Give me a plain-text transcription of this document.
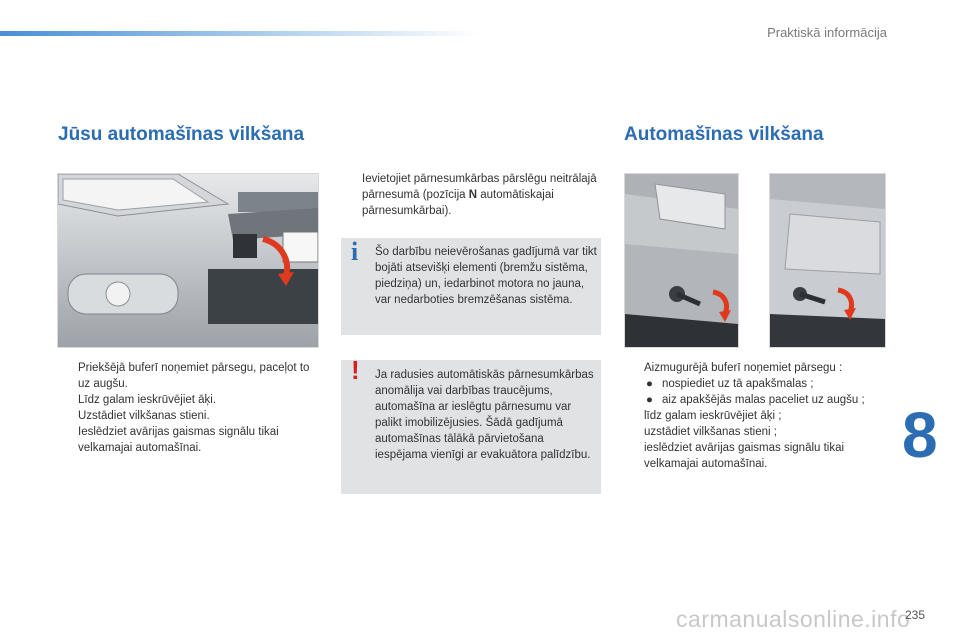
Praktiskā informācija
Jūsu automašīnas vilkšana
Priekšējā buferī noņemiet pārsegu, paceļot to uz augšu.
Līdz galam ieskrūvējiet āķi.
Uzstādiet vilkšanas stieni.
Ieslēdziet avārijas gaismas signālu tikai velkamajai automašīnai.
Ievietojiet pārnesumkārbas pārslēgu neitrālajā pārnesumā (pozīcija N automātiskajai pārnesumkārbai).
i Šo darbību neievērošanas gadījumā var tikt bojāti atsevišķi elementi (bremžu sistēma, piedziņa) un, iedarbinot motora no jauna, var nedarboties bremzēšanas sistēma.
! Ja radusies automātiskās pārnesumkārbas anomālija vai darbības traucējums, automašīna ar ieslēgtu pārnesumu var palikt imobilizējusies. Šādā gadījumā automašīnas tālākā pārvietošana iespējama vienīgi ar evakuātora palīdzību.
Automašīnas vilkšana
Aizmugurējā buferī noņemiet pārsegu :
● nospiediet uz tā apakšmalas ;
● aiz apakšējās malas paceliet uz augšu ;
līdz galam ieskrūvējiet āķi ;
uzstādiet vilkšanas stieni ;
ieslēdziet avārijas gaismas signālu tikai velkamajai automašīnai.	8
carmanualsonline.info
235
